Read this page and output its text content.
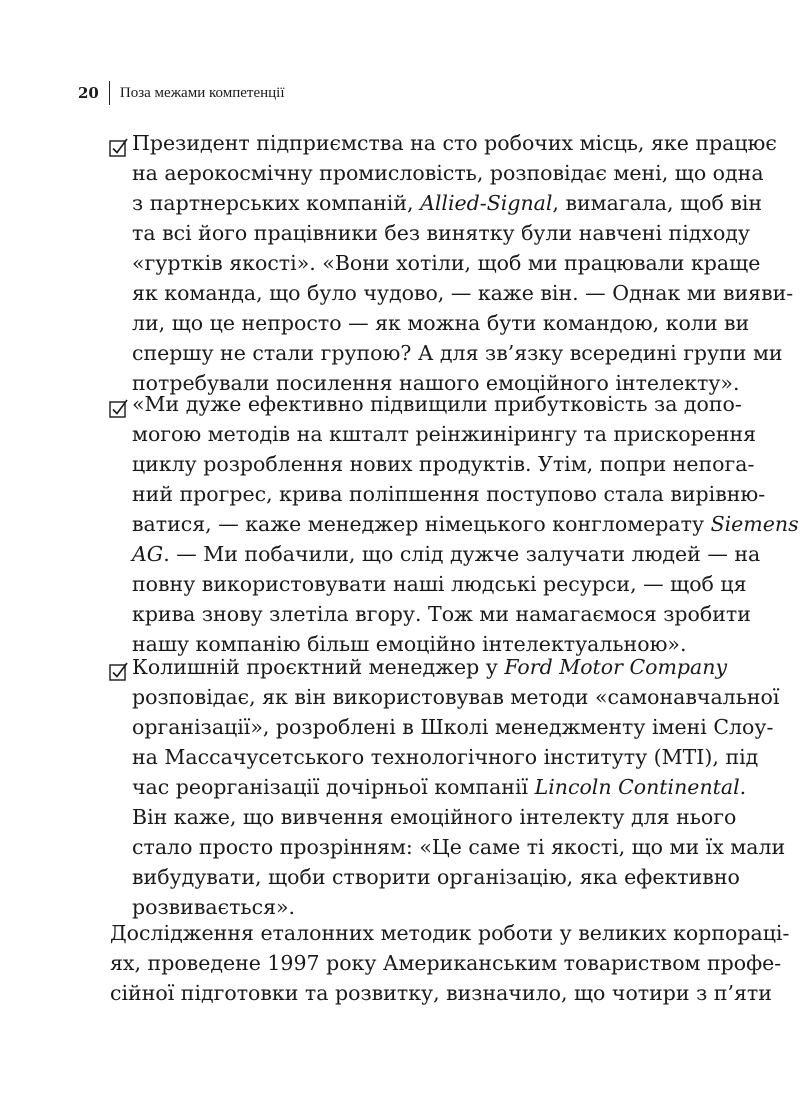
20 Поза межами компетенції
Президент підприємства на сто робочих місць, яке працює
на аерокосмічну промисловість, розповідає мені, що одна
з партнерських компаній, Allied-Signal, вимагала, щоб він
та всі його працівники без винятку були навчені підходу
«гуртків якості». «Вони хотіли, щоб ми працювали краще
як команда, що було чудово, — каже він. — Однак ми вияви-
ли, що це непросто — як можна бути командою, коли ви
спершу не стали групою? А для зв’язку всередині групи ми
потребували посилення нашого емоційного інтелекту».
«Ми дуже ефективно підвищили прибутковість за допо-
могою методів на кшталт реінжинірингу та прискорення
циклу розроблення нових продуктів. Утім, попри непога-
ний прогрес, крива поліпшення поступово стала вирівню-
ватися, — каже менеджер німецького конгломерату Siemens
AG. — Ми побачили, що слід дужче залучати людей — на
повну використовувати наші людські ресурси, — щоб ця
крива знову злетіла вгору. Тож ми намагаємося зробити
нашу компанію більш емоційно інтелектуальною».
Колишній проєктний менеджер у Ford Motor Company
розповідає, як він використовував методи «самонавчальної
організації», розроблені в Школі менеджменту імені Слоу-
на Массачусетського технологічного інституту (МТІ), під
час реорганізації дочірньої компанії Lincoln Continental.
Він каже, що вивчення емоційного інтелекту для нього
стало просто прозрінням: «Це саме ті якості, що ми їх мали
вибудувати, щоби створити організацію, яка ефективно
розвивається».
Дослідження еталонних методик роботи у великих корпораці-
ях, проведене 1997 року Американським товариством профе-
сійної підготовки та розвитку, визначило, що чотири з п’яти
